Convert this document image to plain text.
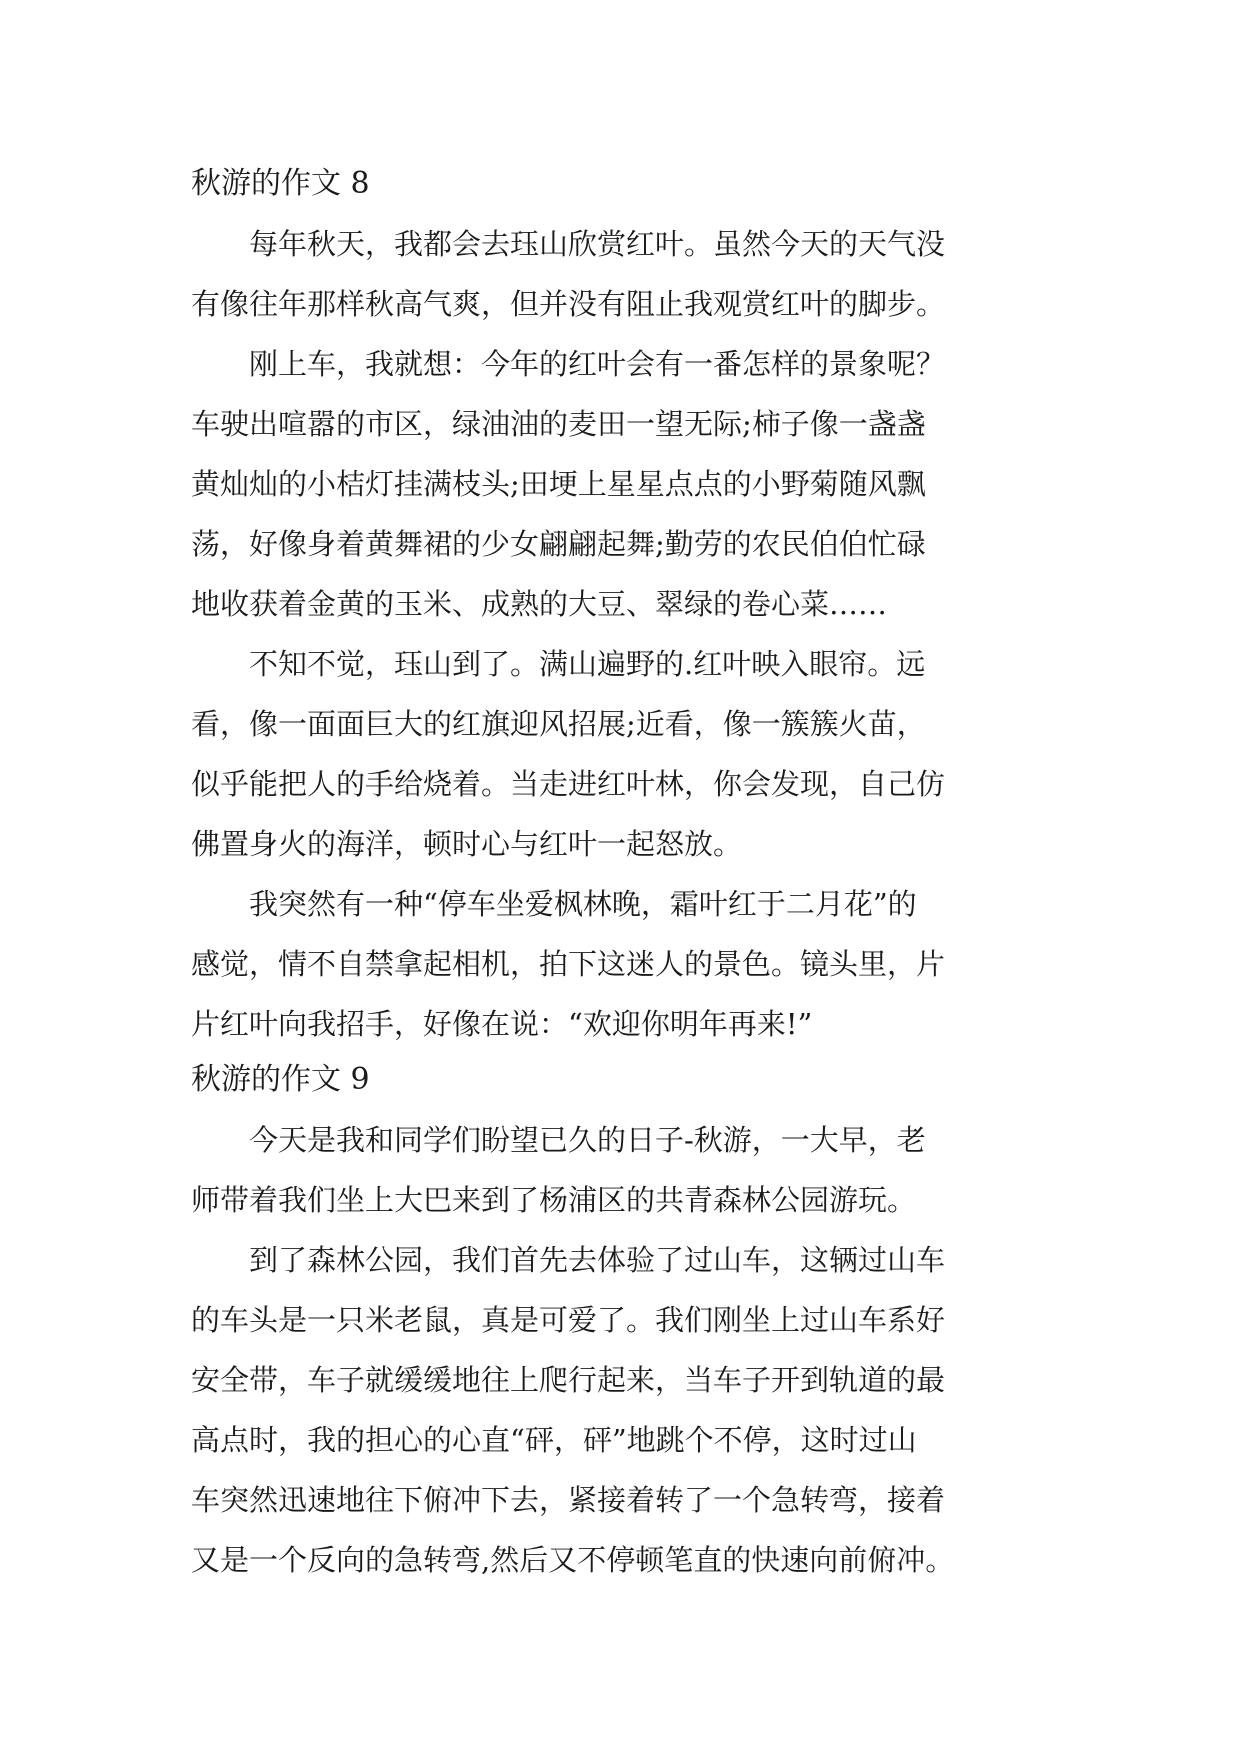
秋游的作文 8
每年秋天，我都会去珏山欣赏红叶。虽然今天的天气没
有像往年那样秋高气爽，但并没有阻止我观赏红叶的脚步。
刚上车，我就想：今年的红叶会有一番怎样的景象呢？
车驶出喧嚣的市区，绿油油的麦田一望无际;柿子像一盏盏
黄灿灿的小桔灯挂满枝头;田埂上星星点点的小野菊随风飘
荡，好像身着黄舞裙的少女翩翩起舞;勤劳的农民伯伯忙碌
地收获着金黄的玉米、成熟的大豆、翠绿的卷心菜……
不知不觉，珏山到了。满山遍野的.红叶映入眼帘。远
看，像一面面巨大的红旗迎风招展;近看，像一簇簇火苗，
似乎能把人的手给烧着。当走进红叶林，你会发现，自己仿
佛置身火的海洋，顿时心与红叶一起怒放。
我突然有一种“停车坐爱枫林晚，霜叶红于二月花”的
感觉，情不自禁拿起相机，拍下这迷人的景色。镜头里，片
片红叶向我招手，好像在说：“欢迎你明年再来!”
秋游的作文 9
今天是我和同学们盼望已久的日子-秋游，一大早，老
师带着我们坐上大巴来到了杨浦区的共青森林公园游玩。
到了森林公园，我们首先去体验了过山车，这辆过山车
的车头是一只米老鼠，真是可爱了。我们刚坐上过山车系好
安全带，车子就缓缓地往上爬行起来，当车子开到轨道的最
高点时，我的担心的心直“砰，砰”地跳个不停，这时过山
车突然迅速地往下俯冲下去，紧接着转了一个急转弯，接着
又是一个反向的急转弯,然后又不停顿笔直的快速向前俯冲。
